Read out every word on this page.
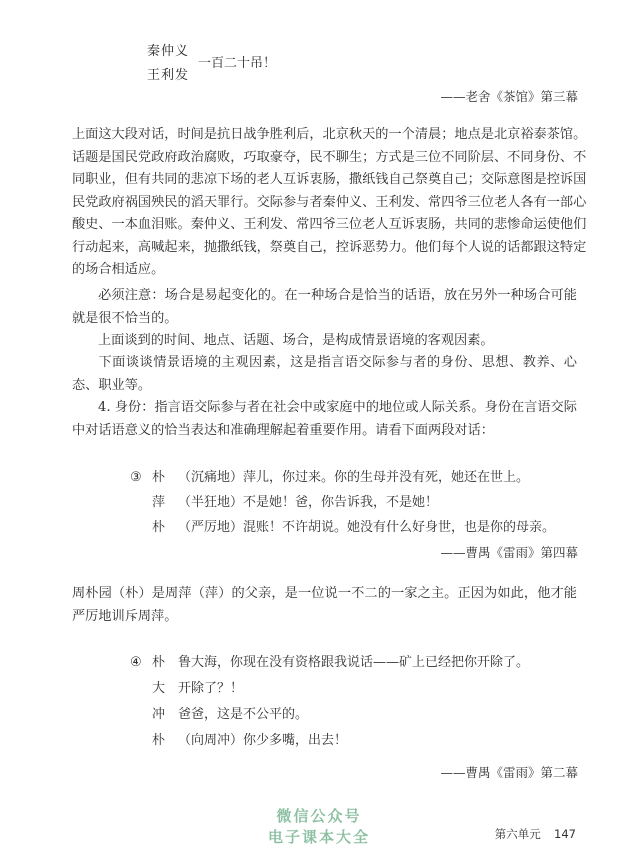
秦仲义
王利发
一百二十吊！
——老舍《茶馆》第三幕
上面这大段对话，时间是抗日战争胜利后，北京秋天的一个清晨；地点是北京裕泰茶馆。
话题是国民党政府政治腐败，巧取豪夺，民不聊生；方式是三位不同阶层、不同身份、不
同职业，但有共同的悲凉下场的老人互诉衷肠，撒纸钱自己祭奠自己；交际意图是控诉国
民党政府祸国殃民的滔天罪行。交际参与者秦仲义、王利发、常四爷三位老人各有一部心
酸史、一本血泪账。秦仲义、王利发、常四爷三位老人互诉衷肠，共同的悲惨命运使他们
行动起来，高喊起来，抛撒纸钱，祭奠自己，控诉恶势力。他们每个人说的话都跟这特定
的场合相适应。
必须注意：场合是易起变化的。在一种场合是恰当的话语，放在另外一种场合可能就是很不恰当的。
上面谈到的时间、地点、话题、场合，是构成情景语境的客观因素。
下面谈谈情景语境的主观因素，这是指言语交际参与者的身份、思想、教养、心态、职业等。
4. 身份：指言语交际参与者在社会中或家庭中的地位或人际关系。身份在言语交际中对话语意义的恰当表达和准确理解起着重要作用。请看下面两段对话：
③ 朴 （沉痛地）萍儿，你过来。你的生母并没有死，她还在世上。
萍 （半狂地）不是她！爸，你告诉我，不是她！
朴 （严厉地）混账！不许胡说。她没有什么好身世，也是你的母亲。
——曹禺《雷雨》第四幕
周朴园（朴）是周萍（萍）的父亲，是一位说一不二的一家之主。正因为如此，他才能严厉地训斥周萍。
④ 朴 鲁大海，你现在没有资格跟我说话——矿上已经把你开除了。
大 开除了？！
冲 爸爸，这是不公平的。
朴 （向周冲）你少多嘴，出去！
——曹禺《雷雨》第二幕
微信公众号
电子课本大全	第六单元 147
